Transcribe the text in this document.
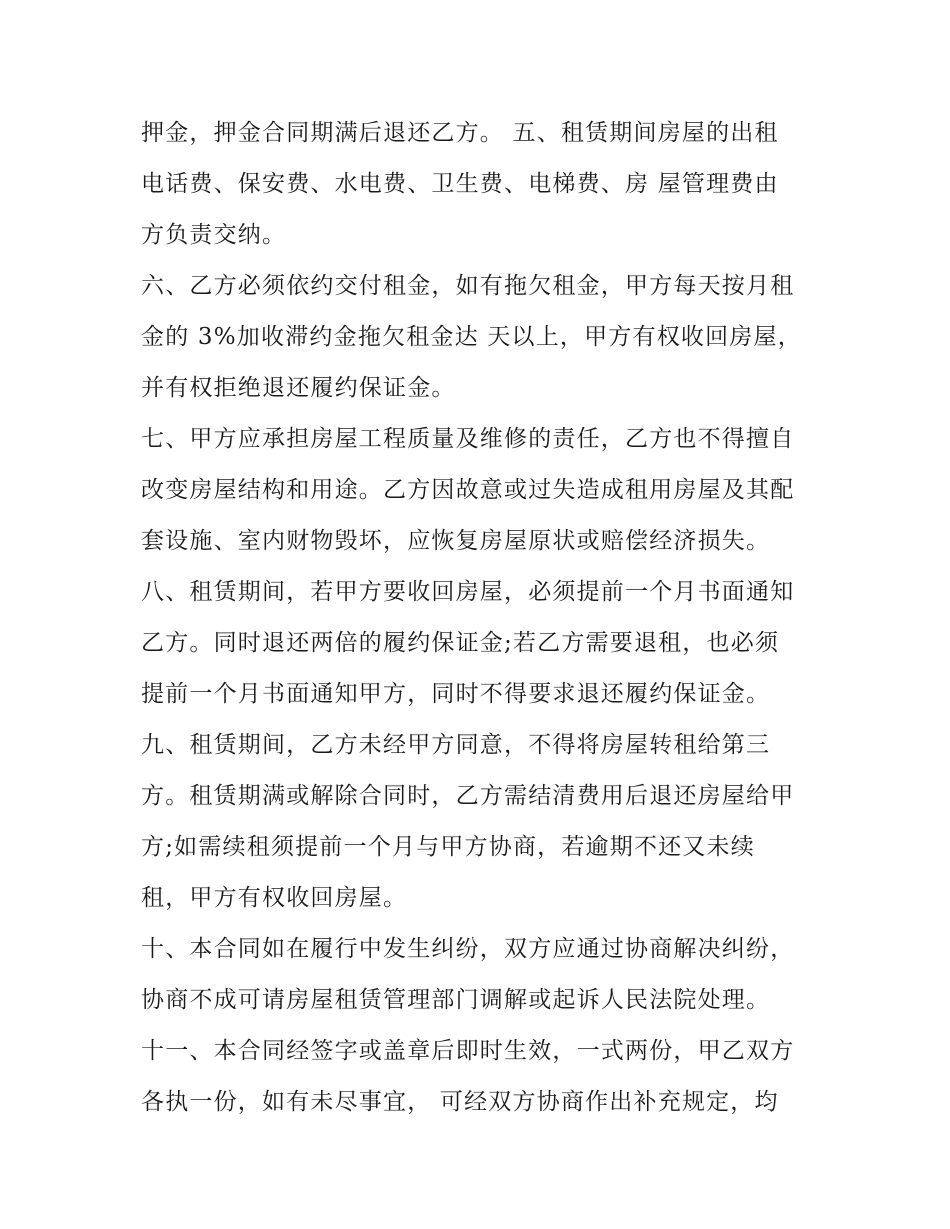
押金，押金合同期满后退还乙方。 五、租赁期间房屋的出租
电话费、保安费、水电费、卫生费、电梯费、房 屋管理费由
方负责交纳。
六、乙方必须依约交付租金，如有拖欠租金，甲方每天按月租
金的 3%加收滞约金拖欠租金达 天以上，甲方有权收回房屋，
并有权拒绝退还履约保证金。
七、甲方应承担房屋工程质量及维修的责任，乙方也不得擅自
改变房屋结构和用途。乙方因故意或过失造成租用房屋及其配
套设施、室内财物毁坏，应恢复房屋原状或赔偿经济损失。
八、租赁期间，若甲方要收回房屋，必须提前一个月书面通知
乙方。同时退还两倍的履约保证金;若乙方需要退租，也必须
提前一个月书面通知甲方，同时不得要求退还履约保证金。
九、租赁期间，乙方未经甲方同意，不得将房屋转租给第三
方。租赁期满或解除合同时，乙方需结清费用后退还房屋给甲
方;如需续租须提前一个月与甲方协商，若逾期不还又未续
租，甲方有权收回房屋。
十、本合同如在履行中发生纠纷，双方应通过协商解决纠纷，
协商不成可请房屋租赁管理部门调解或起诉人民法院处理。
十一、本合同经签字或盖章后即时生效，一式两份，甲乙双方
各执一份，如有未尽事宜， 可经双方协商作出补充规定，均
